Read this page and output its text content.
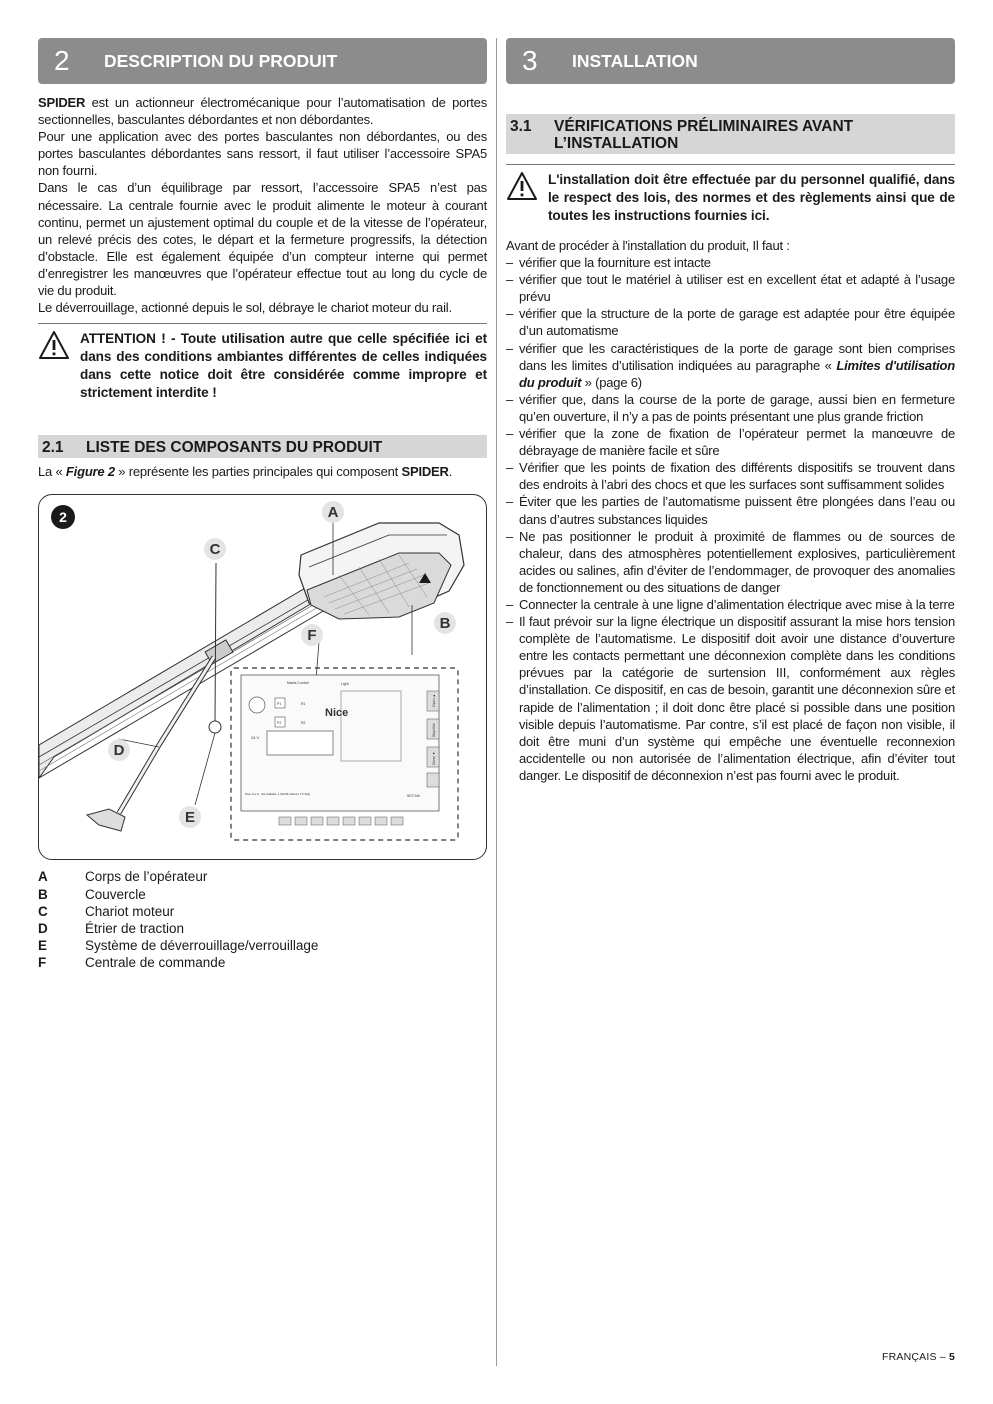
2	DESCRIPTION DU PRODUIT

SPIDER est un actionneur électromécanique pour l’automatisation de portes sectionnelles, basculantes débordantes et non débordantes.

Pour une application avec des portes basculantes non débordantes, ou des portes basculantes débordantes sans ressort, il faut utiliser l’accessoire SPA5 non fourni.

Dans le cas d’un équilibrage par ressort, l’accessoire SPA5 n’est pas nécessaire. La centrale fournie avec le produit alimente le moteur à courant continu, permet un ajustement optimal du couple et de la vitesse de l’opérateur, un relevé précis des cotes, le départ et la fermeture progressifs, la détection d’obstacle. Elle est également équipée d’un compteur interne qui permet d’enregistrer les manœuvres que l’opérateur effectue tout au long du cycle de vie du produit.

Le déverrouillage, actionné depuis le sol, débraye le chariot moteur du rail.

ATTENTION ! - Toute utilisation autre que celle spécifiée ici et dans des conditions ambiantes différentes de celles indiquées dans cette notice doit être considérée comme impropre et strictement interdite !
2.1	LISTE DES COMPOSANTS DU PRODUIT

La « Figure 2 » représente les parties principales qui composent SPIDER.

2
Nice
Mains Control	Light
24 V
P1
P2
R1
R2
SDT-NA
Nice S.p.A. Via Callalta, 1 31046 Oderzo TV Italy
Open ▲
Stop/Set
Close ▼
A
B
C
D
E
F
A	Corps de l’opérateur
B	Couvercle
C	Chariot moteur
D	Étrier de traction
E	Système de déverrouillage/verrouillage
F	Centrale de commande
3	INSTALLATION
3.1	VÉRIFICATIONS PRÉLIMINAIRES AVANT
L’INSTALLATION
L'installation doit être effectuée par du personnel qualifié, dans le respect des lois, des normes et des règlements ainsi que de toutes les instructions fournies ici.

Avant de procéder à l'installation du produit, Il faut :

– vérifier que la fourniture est intacte
– vérifier que tout le matériel à utiliser est en excellent état et adapté à l’usage prévu
– vérifier que la structure de la porte de garage est adaptée pour être équipée d’un automatisme
– vérifier que les caractéristiques de la porte de garage sont bien comprises dans les limites d’utilisation indiquées au paragraphe « Limites d'utilisation du produit » (page 6)
– vérifier que, dans la course de la porte de garage, aussi bien en fermeture qu’en ouverture, il n’y a pas de points présentant une plus grande friction
– vérifier que la zone de fixation de l’opérateur permet la manœuvre de débrayage de manière facile et sûre
– Vérifier que les points de fixation des différents dispositifs se trouvent dans des endroits à l’abri des chocs et que les surfaces sont suffisamment solides
– Éviter que les parties de l’automatisme puissent être plongées dans l’eau ou dans d’autres substances liquides
– Ne pas positionner le produit à proximité de flammes ou de sources de chaleur, dans des atmosphères potentiellement explosives, particulièrement acides ou salines, afin d’éviter de l’endommager, de provoquer des anomalies de fonctionnement ou des situations de danger
– Connecter la centrale à une ligne d’alimentation électrique avec mise à la terre
– Il faut prévoir sur la ligne électrique un dispositif assurant la mise hors tension complète de l’automatisme. Le dispositif doit avoir une distance d’ouverture entre les contacts permettant une déconnexion complète dans les conditions prévues par la catégorie de surtension III, conformément aux règles d’installation. Ce dispositif, en cas de besoin, garantit une déconnexion sûre et rapide de l’alimentation ; il doit donc être placé si possible dans une position visible depuis l’automatisme. Par contre, s’il est placé de façon non visible, il doit être muni d’un système qui empêche une éventuelle reconnexion accidentelle ou non autorisée de l’alimentation électrique, afin d’éviter tout danger. Le dispositif de déconnexion n’est pas fourni avec le produit.
FRANÇAIS – 5
